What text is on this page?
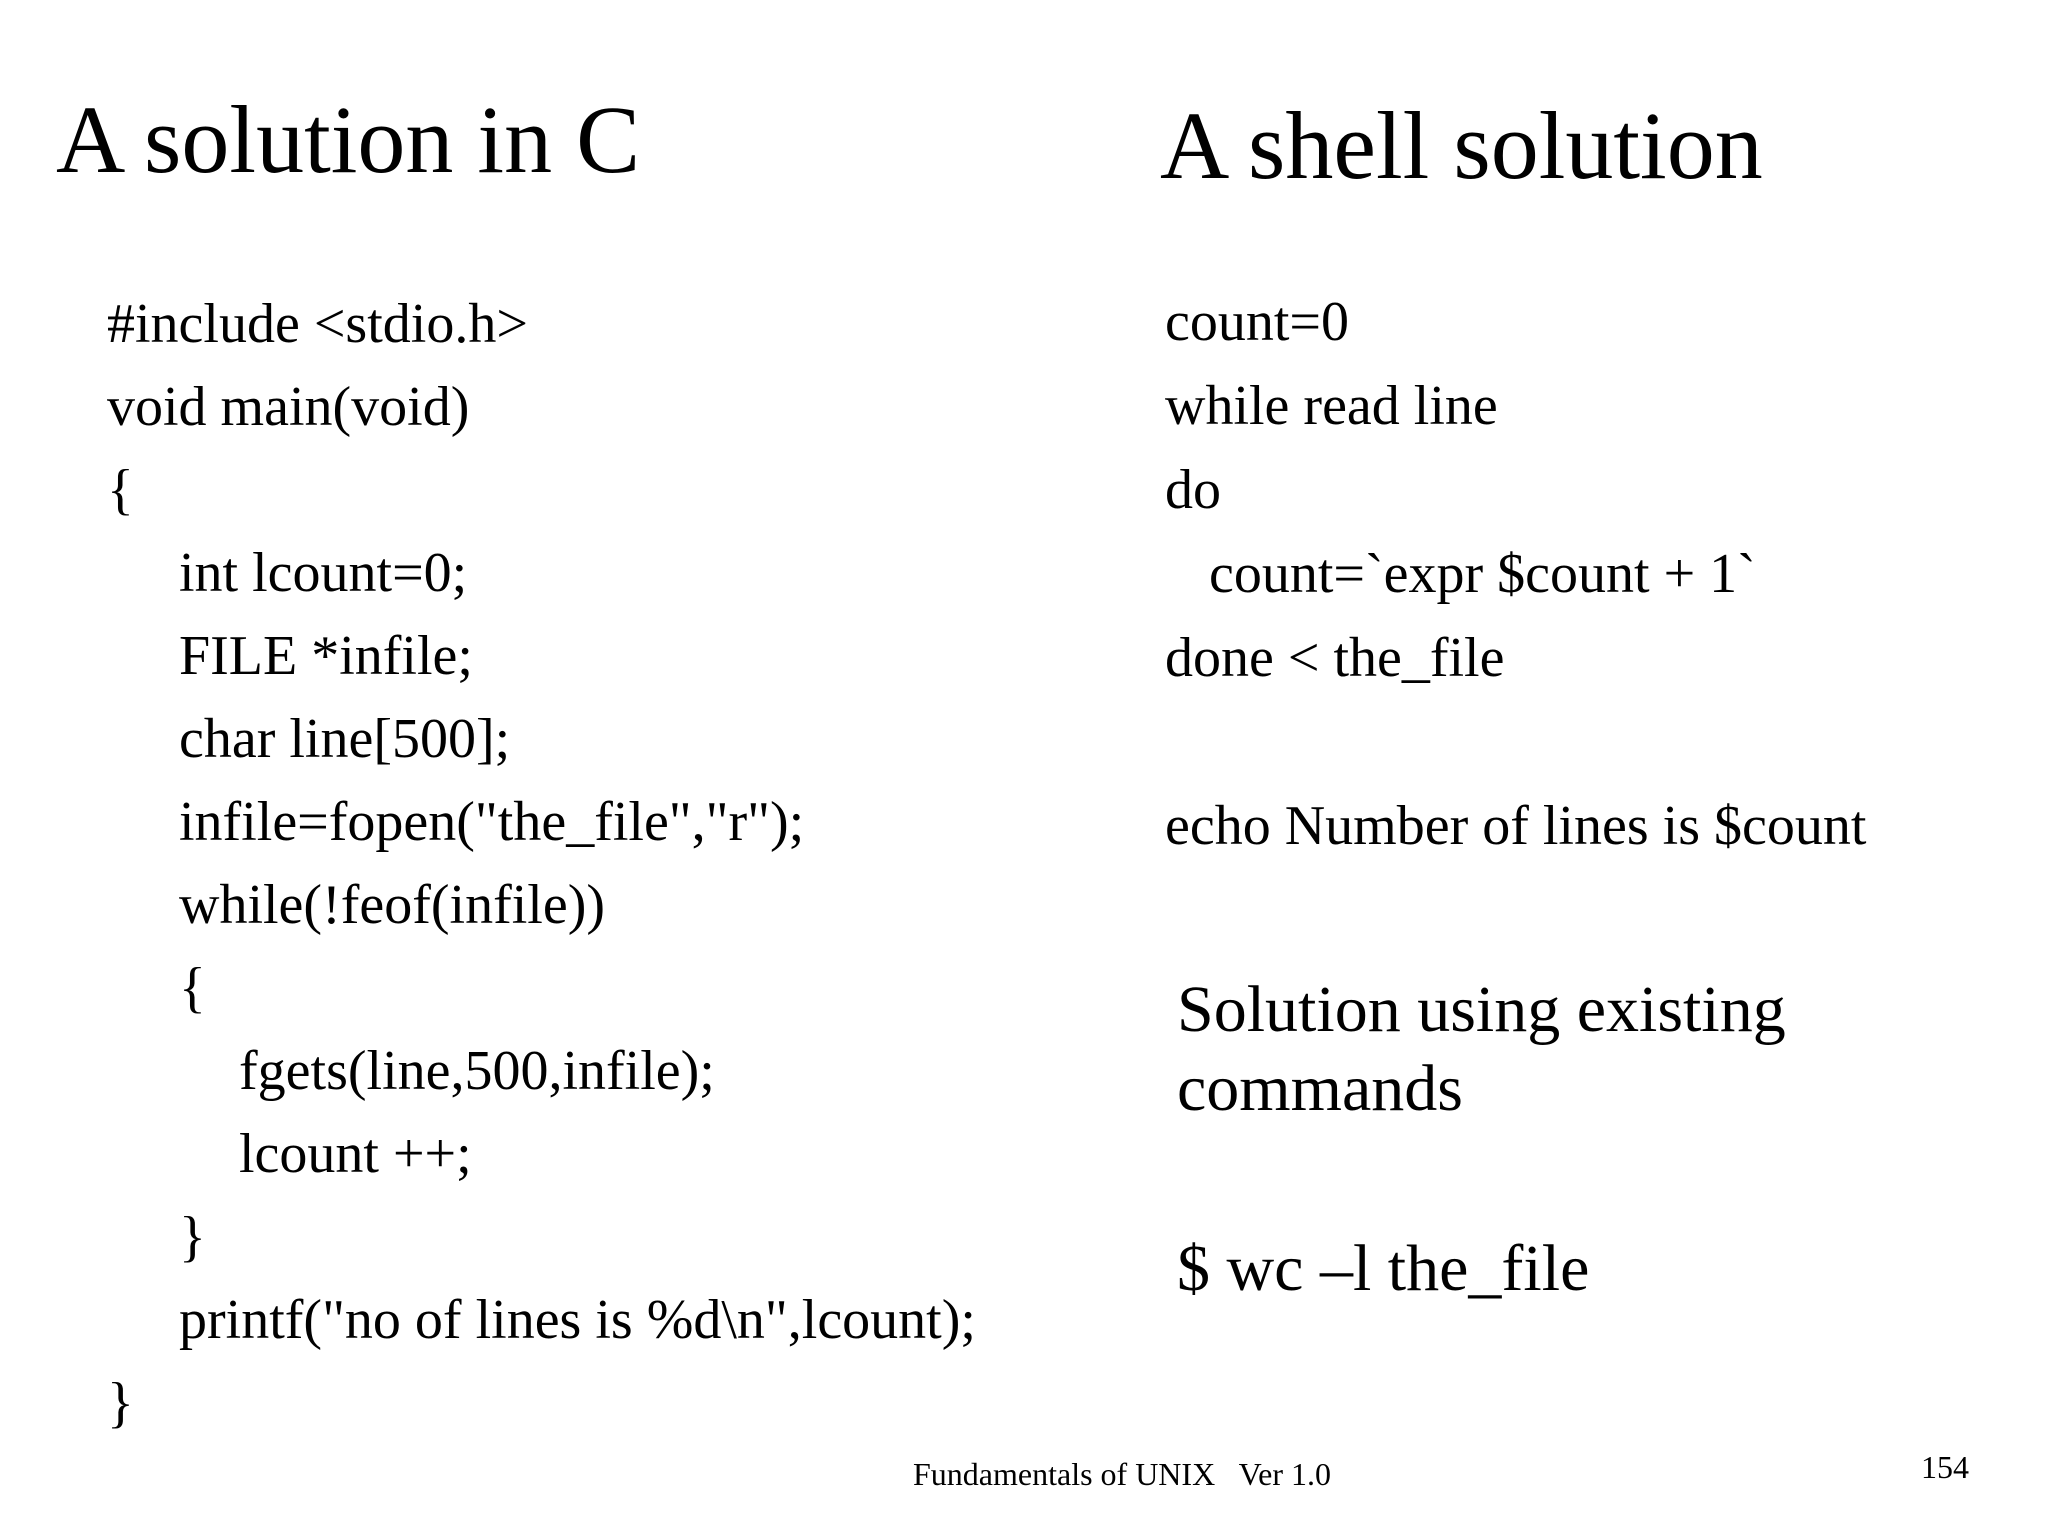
A solution in C	A shell solution
#include <stdio.h>
void main(void)
{
int lcount=0;
FILE *infile;
char line[500];
infile=fopen("the_file","r");
while(!feof(infile))
{
fgets(line,500,infile);
lcount ++;
}
printf("no of lines is %d\n",lcount);
}
count=0
while read line
do
count=`expr $count + 1`
done < the_file
echo Number of lines is $count
Solution using existing commands
$ wc –l the_file
Fundamentals of UNIX   Ver 1.0	154
